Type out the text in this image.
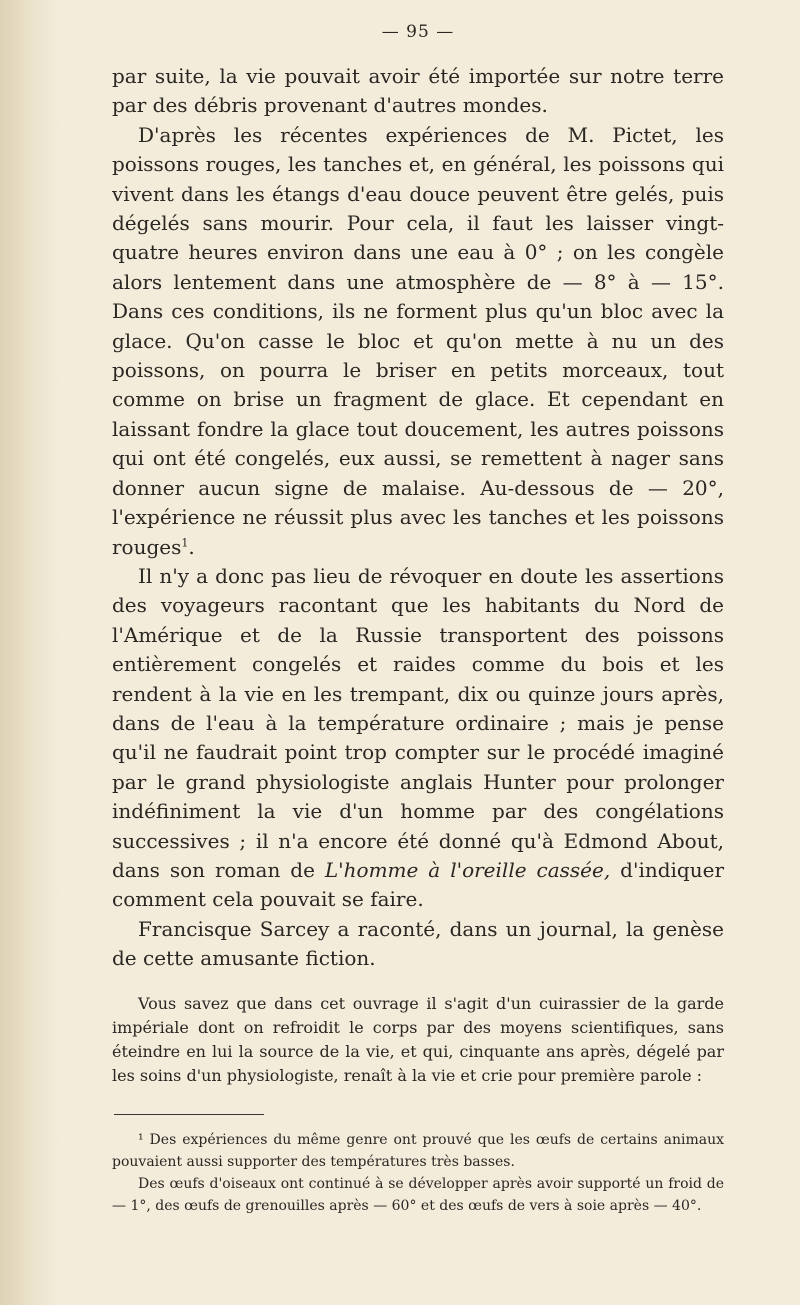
— 95 —

par suite, la vie pouvait avoir été importée sur notre terre par des débris provenant d'autres mondes.

D'après les récentes expériences de M. Pictet, les poissons rouges, les tanches et, en général, les poissons qui vivent dans les étangs d'eau douce peuvent être gelés, puis dégelés sans mourir. Pour cela, il faut les laisser vingt-quatre heures environ dans une eau à 0° ; on les congèle alors lentement dans une atmosphère de — 8° à — 15°. Dans ces conditions, ils ne forment plus qu'un bloc avec la glace. Qu'on casse le bloc et qu'on mette à nu un des poissons, on pourra le briser en petits morceaux, tout comme on brise un fragment de glace. Et cependant en laissant fondre la glace tout doucement, les autres poissons qui ont été congelés, eux aussi, se remettent à nager sans donner aucun signe de malaise. Au-dessous de — 20°, l'expérience ne réussit plus avec les tanches et les poissons rouges$^1$.

Il n'y a donc pas lieu de révoquer en doute les assertions des voyageurs racontant que les habitants du Nord de l'Amérique et de la Russie transportent des poissons entièrement congelés et raides comme du bois et les rendent à la vie en les trempant, dix ou quinze jours après, dans de l'eau à la température ordinaire ; mais je pense qu'il ne faudrait point trop compter sur le procédé imaginé par le grand physiologiste anglais Hunter pour prolonger indéfiniment la vie d'un homme par des congélations successives ; il n'a encore été donné qu'à Edmond About, dans son roman de L'homme à l'oreille cassée, d'indiquer comment cela pouvait se faire.

Francisque Sarcey a raconté, dans un journal, la genèse de cette amusante fiction.

Vous savez que dans cet ouvrage il s'agit d'un cuirassier de la garde impériale dont on refroidit le corps par des moyens scientifiques, sans éteindre en lui la source de la vie, et qui, cinquante ans après, dégelé par les soins d'un physiologiste, renaît à la vie et crie pour première parole :

¹ Des expériences du même genre ont prouvé que les œufs de certains animaux pouvaient aussi supporter des températures très basses.

Des œufs d'oiseaux ont continué à se développer après avoir supporté un froid de — 1°, des œufs de grenouilles après — 60° et des œufs de vers à soie après — 40°.
